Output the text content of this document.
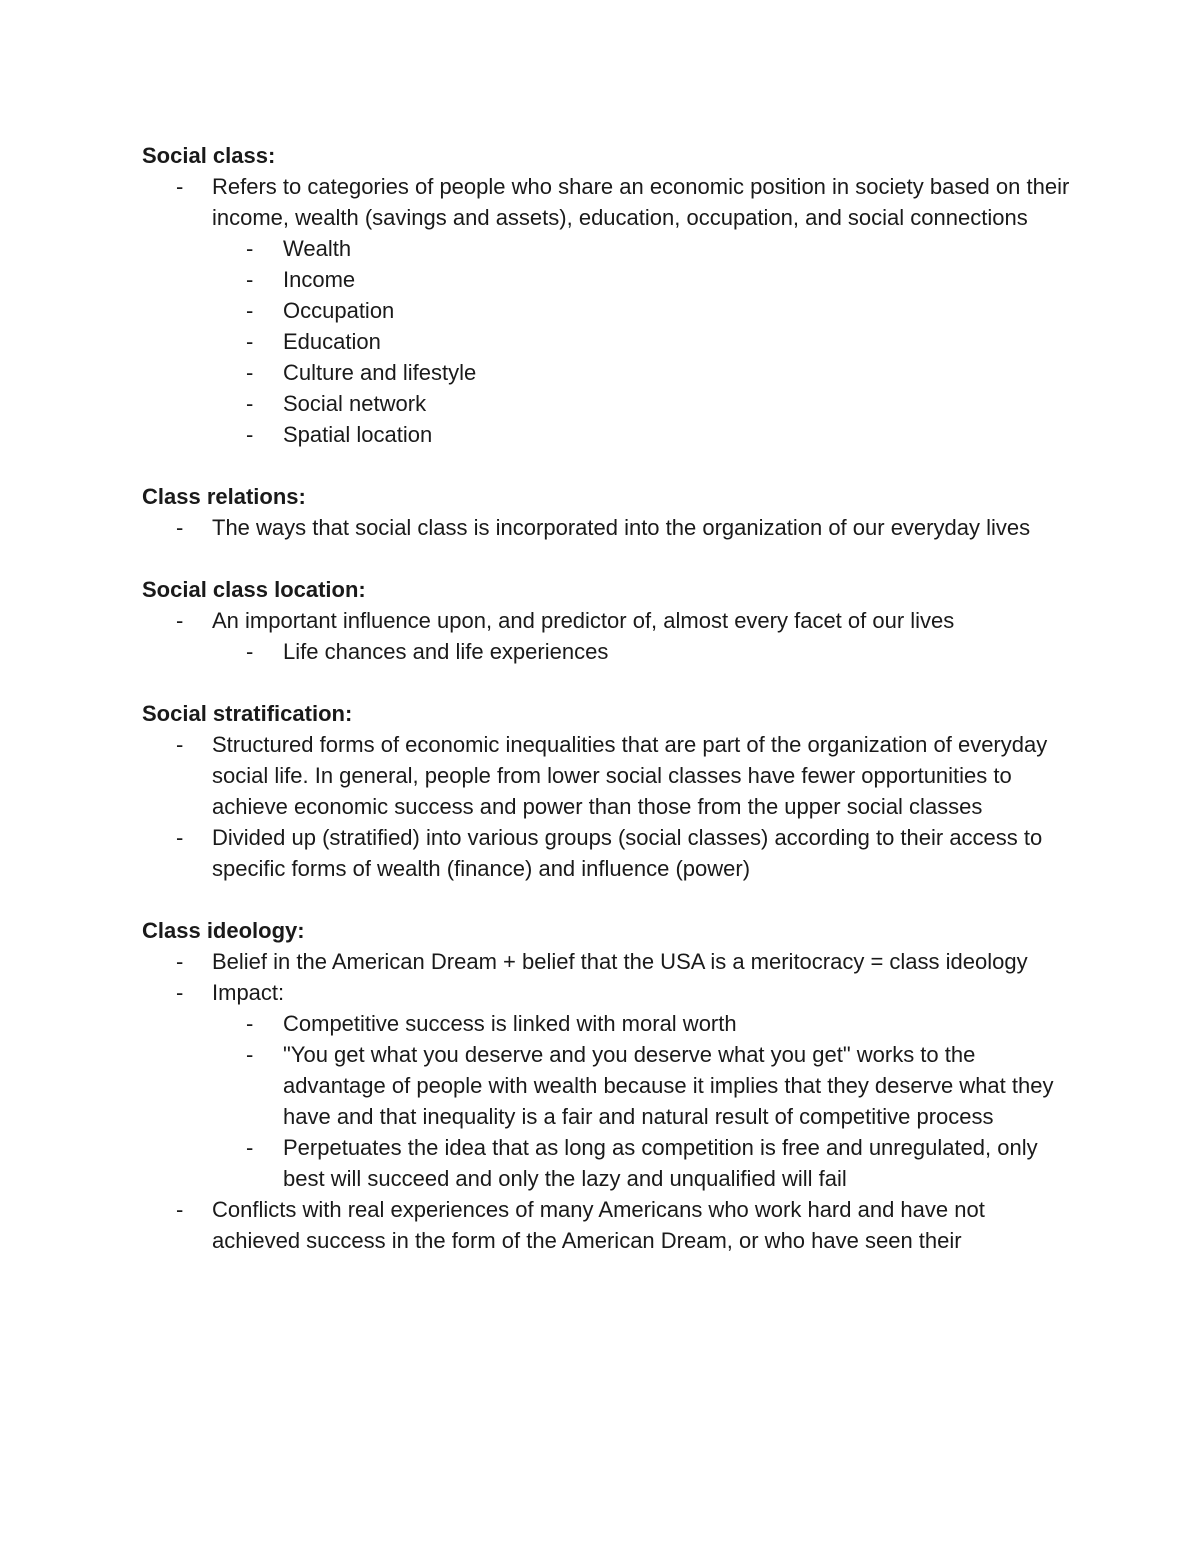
Social class:

- Refers to categories of people who share an economic position in society based on their income, wealth (savings and assets), education, occupation, and social connections
- Wealth
- Income
- Occupation
- Education
- Culture and lifestyle
- Social network
- Spatial location

Class relations:

- The ways that social class is incorporated into the organization of our everyday lives

Social class location:

- An important influence upon, and predictor of, almost every facet of our lives
- Life chances and life experiences

Social stratification:

- Structured forms of economic inequalities that are part of the organization of everyday social life. In general, people from lower social classes have fewer opportunities to achieve economic success and power than those from the upper social classes
- Divided up (stratified) into various groups (social classes) according to their access to specific forms of wealth (finance) and influence (power)

Class ideology:

- Belief in the American Dream + belief that the USA is a meritocracy = class ideology
- Impact:
- Competitive success is linked with moral worth
- "You get what you deserve and you deserve what you get" works to the advantage of people with wealth because it implies that they deserve what they have and that inequality is a fair and natural result of competitive process
- Perpetuates the idea that as long as competition is free and unregulated, only best will succeed and only the lazy and unqualified will fail
- Conflicts with real experiences of many Americans who work hard and have not achieved success in the form of the American Dream, or who have seen their
